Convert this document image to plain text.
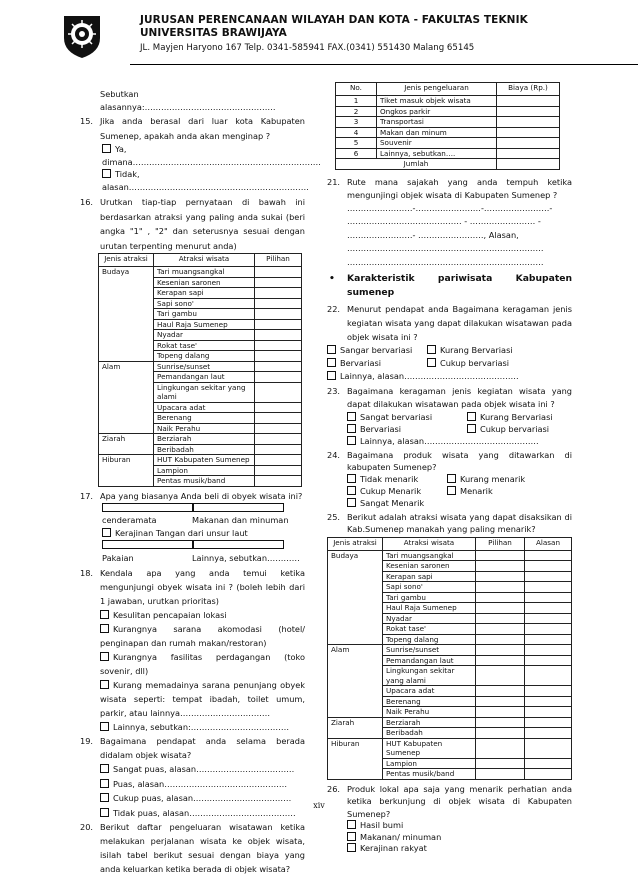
JURUSAN PERENCANAAN WILAYAH DAN KOTA - FAKULTAS TEKNIK
UNIVERSITAS BRAWIJAYA
JL. Mayjen Haryono 167 Telp. 0341-585941 FAX.(0341) 551430 Malang 65145
Sebutkan
alasannya:…………………………………………
15. Jika anda berasal dari luar kota Kabupaten Sumenep, apakah anda akan menginap ?
Ya, dimana……………………………………………………………
Tidak, alasan…………………………………………………………
16. Urutkan tiap-tiap pernyataan di bawah ini berdasarkan atraksi yang paling anda sukai (beri angka "1" , "2" dan seterusnya sesuai dengan urutan terpenting menurut anda)
Jenis atraksi	Atraksi wisata	Pilihan
Budaya	Tari muangsangkal	
	Kesenian saronen	
	Kerapan sapi	
	Sapi sono'	
	Tari gambu	
	Haul Raja Sumenep	
	Nyadar	
	Rokat tase'	
	Topeng dalang	
Alam	Sunrise/sunset	
	Pemandangan laut	
	Lingkungan sekitar yang alami	
	Upacara adat	
	Berenang	
	Naik Perahu	
Ziarah	Berziarah	
	Beribadah	
Hiburan	HUT Kabupaten Sumenep	
	Lampion	
	Pentas musik/band	
17. Apa yang biasanya Anda beli di obyek wisata ini?
cenderamata	Makanan dan minuman
Kerajinan Tangan dari unsur laut
Pakaian	Lainnya, sebutkan…………
18. Kendala apa yang anda temui ketika mengunjungi obyek wisata ini ? (boleh lebih dari 1 jawaban, urutkan prioritas)
Kesulitan pencapaian lokasi
Kurangnya sarana akomodasi (hotel/ penginapan dan rumah makan/restoran)
Kurangnya fasilitas perdagangan (toko sovenir, dll)
Kurang memadainya sarana penunjang obyek wisata seperti: tempat ibadah, toilet umum, parkir, atau lainnya……………………………
Lainnya, sebutkan:………………………………
19. Bagaimana pendapat anda selama berada didalam objek wisata?
Sangat puas, alasan………………………………
Puas, alasan………………………………………
Cukup puas, alasan………………………………
Tidak puas, alasan…………………………………
20. Berikut daftar pengeluaran wisatawan ketika melakukan perjalanan wisata ke objek wisata, isilah tabel berikut sesuai dengan biaya yang anda keluarkan ketika berada di objek wisata?
No.	Jenis pengeluaran	Biaya (Rp.)
1	Tiket masuk objek wisata	
2	Ongkos parkir	
3	Transportasi	
4	Makan dan minum	
5	Souvenir	
6	Lainnya, sebutkan….	
Jumlah		
21. Rute mana sajakah yang anda tempuh ketika mengunjingi objek wisata di Kabupaten Sumenep ?
……………………-……………………-……………………-
…………………………………… - …………………… -
……………………- ……………………, Alasan,
………………………………………………………………
………………………………………………………………
• Karakteristik	pariwisata	Kabupaten
sumenep
22. Menurut pendapat anda Bagaimana keragaman jenis kegiatan wisata yang dapat dilakukan wisatawan pada objek wisata ini ?
Sangar bervariasi	Kurang Bervariasi
Bervariasi	Cukup bervariasi
Lainnya, alasan……………………………………
23. Bagaimana keragaman jenis kegiatan wisata yang dapat dilakukan wisatawan pada objek wisata ini ?
Sangat bervariasi	Kurang Bervariasi
Bervariasi	Cukup bervariasi
Lainnya, alasan……………………………………
24. Bagaimana produk wisata yang ditawarkan di kabupaten Sumenep?
Tidak menarik	Kurang menarik
Cukup Menarik	Menarik
Sangat Menarik
25. Berikut adalah atraksi wisata yang dapat disaksikan di Kab.Sumenep manakah yang paling menarik?
Jenis atraksi	Atraksi wisata	Pilihan	Alasan
Budaya	Tari muangsangkal		
	Kesenian saronen		
	Kerapan sapi		
	Sapi sono'		
	Tari gambu		
	Haul Raja Sumenep		
	Nyadar		
	Rokat tase'		
	Topeng dalang		
Alam	Sunrise/sunset		
	Pemandangan laut		
	Lingkungan sekitar yang alami		
	Upacara adat		
	Berenang		
	Naik Perahu		
Ziarah	Berziarah		
	Beribadah		
Hiburan	HUT Kabupaten Sumenep		
	Lampion		
	Pentas musik/band		
26. Produk lokal apa saja yang menarik perhatian anda ketika berkunjung di objek wisata di Kabupaten Sumenep?
Hasil bumi
Makanan/ minuman
Kerajinan rakyat
xiv
